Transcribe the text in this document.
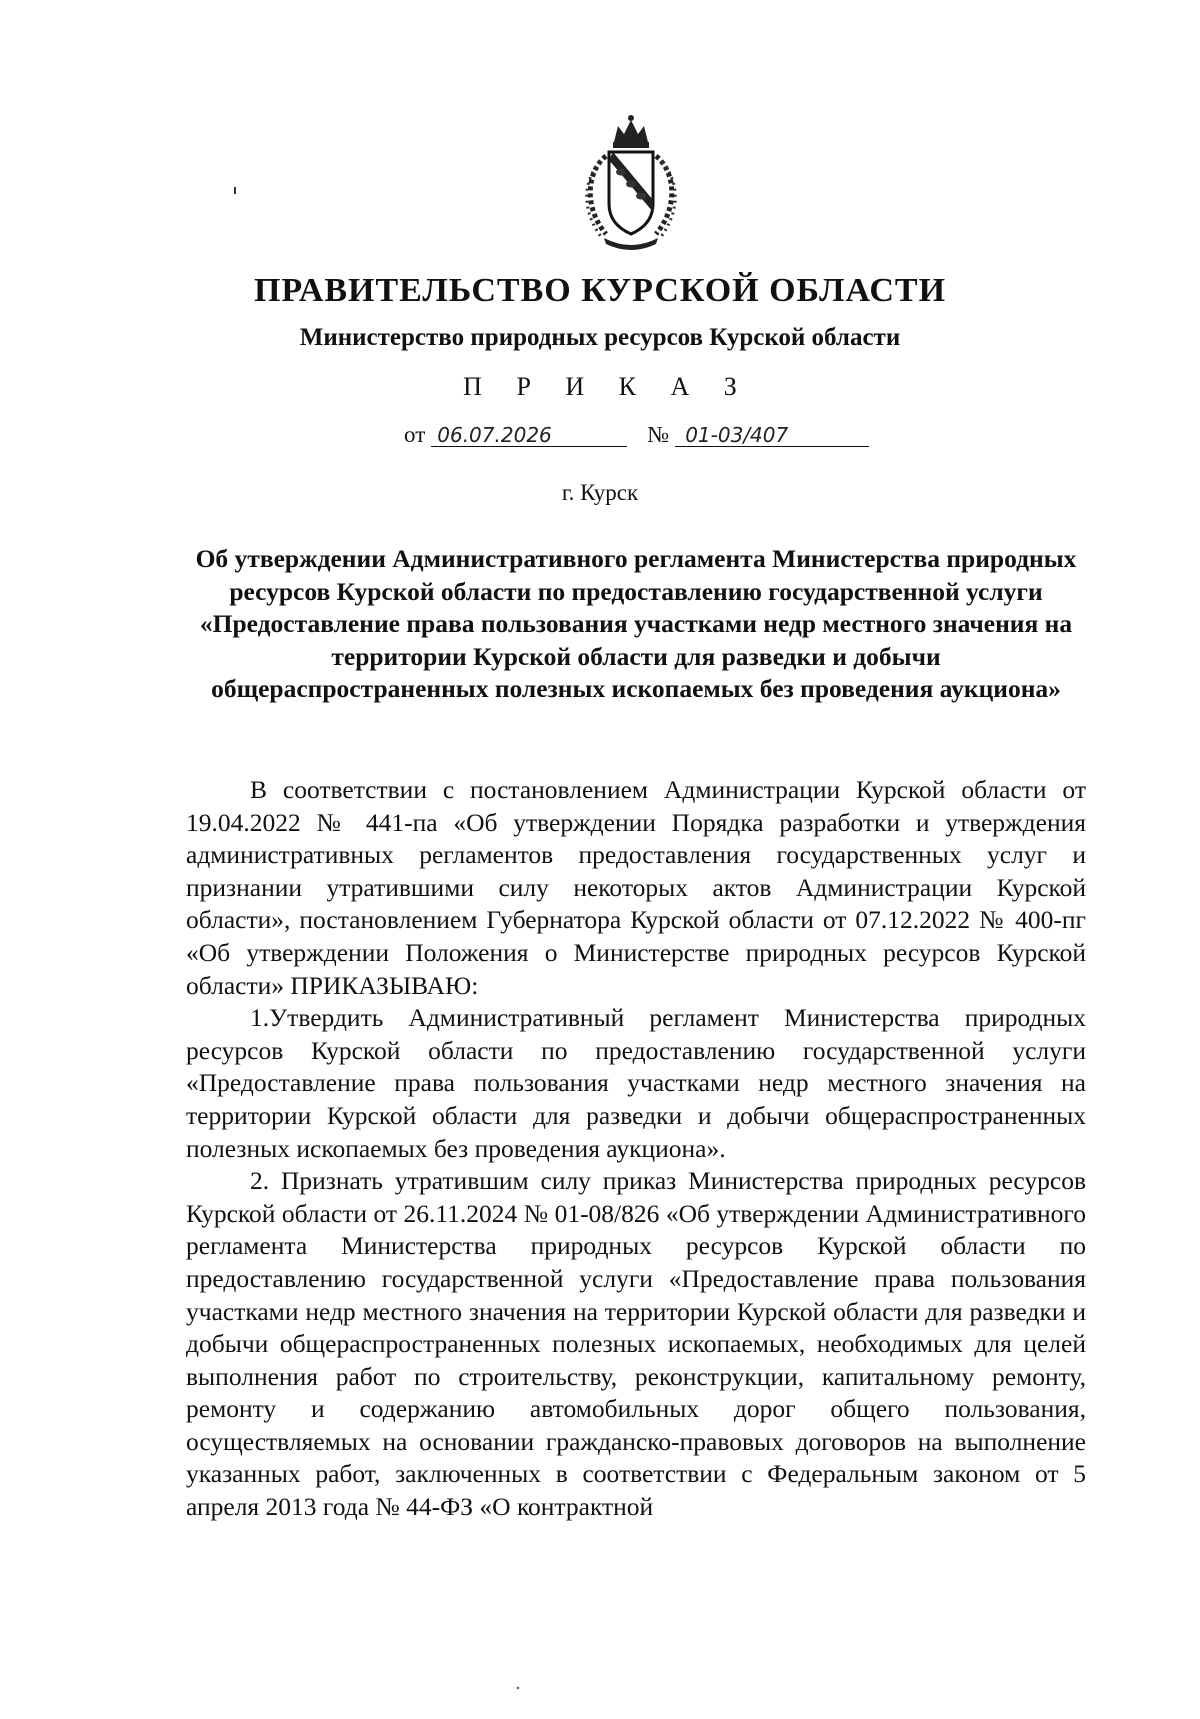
ПРАВИТЕЛЬСТВО КУРСКОЙ ОБЛАСТИ
Министерство природных ресурсов Курской области
П Р И К А З
от 06.07.2026	№ 01-03/407
г. Курск
Об утверждении Административного регламента Министерства природных ресурсов Курской области по предоставлению государственной услуги «Предоставление права пользования участками недр местного значения на территории Курской области для разведки и добычи общераспространенных полезных ископаемых без проведения аукциона»

В соответствии с постановлением Администрации Курской области от 19.04.2022 № 441-па «Об утверждении Порядка разработки и утверждения административных регламентов предоставления государственных услуг и признании утратившими силу некоторых актов Администрации Курской области», постановлением Губернатора Курской области от 07.12.2022 № 400-пг «Об утверждении Положения о Министерстве природных ресурсов Курской области» ПРИКАЗЫВАЮ:

1.Утвердить Административный регламент Министерства природных ресурсов Курской области по предоставлению государственной услуги «Предоставление права пользования участками недр местного значения на территории Курской области для разведки и добычи общераспространенных полезных ископаемых без проведения аукциона».

2. Признать утратившим силу приказ Министерства природных ресурсов Курской области от 26.11.2024 № 01-08/826 «Об утверждении Административного регламента Министерства природных ресурсов Курской области по предоставлению государственной услуги «Предоставление права пользования участками недр местного значения на территории Курской области для разведки и добычи общераспространенных полезных ископаемых, необходимых для целей выполнения работ по строительству, реконструкции, капитальному ремонту, ремонту и содержанию автомобильных дорог общего пользования, осуществляемых на основании гражданско-правовых договоров на выполнение указанных работ, заключенных в соответствии с Федеральным законом от 5 апреля 2013 года № 44-ФЗ «О контрактной
